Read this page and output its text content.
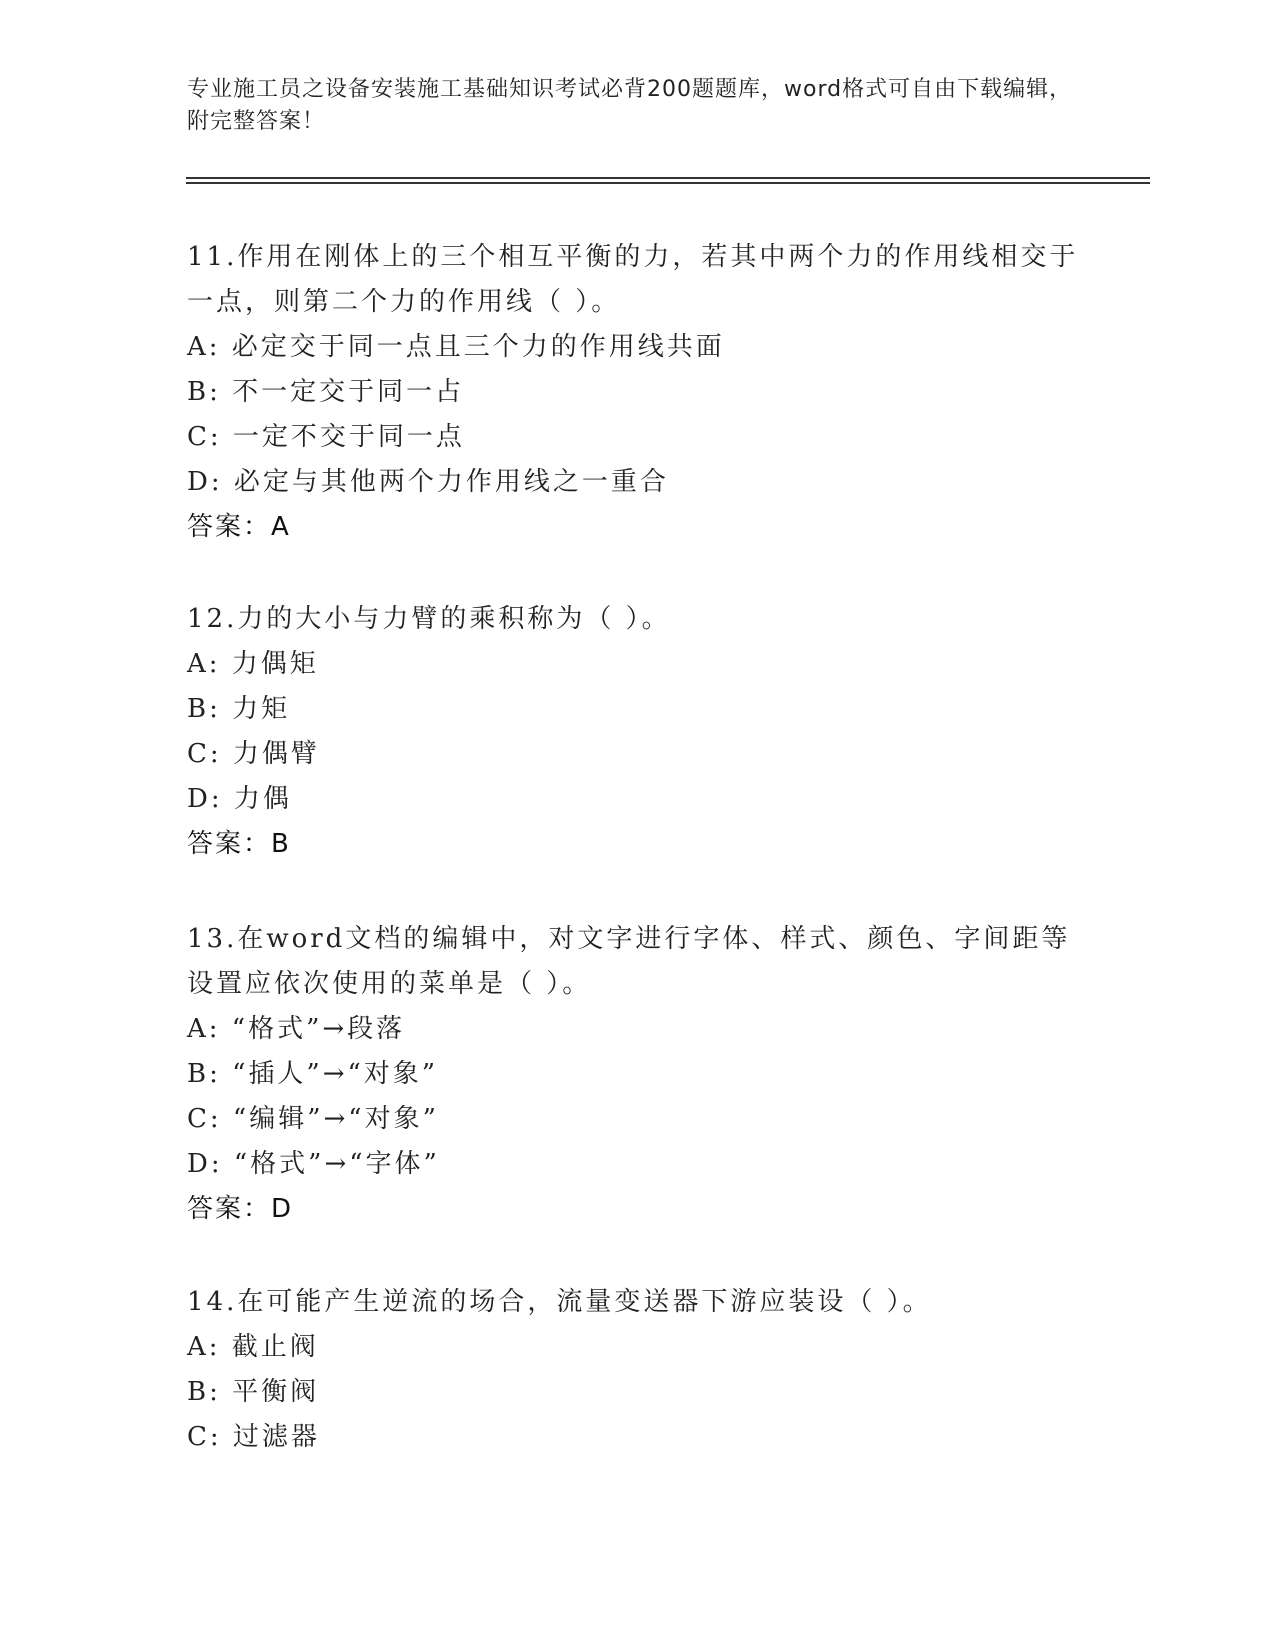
专业施工员之设备安装施工基础知识考试必背200题题库，word格式可自由下载编辑，附完整答案！

11.作用在刚体上的三个相互平衡的力，若其中两个力的作用线相交于一点，则第二个力的作用线（ ）。

A: 必定交于同一点且三个力的作用线共面

B: 不一定交于同一占

C: 一定不交于同一点

D: 必定与其他两个力作用线之一重合

答案：A

12.力的大小与力臂的乘积称为（ ）。

A: 力偶矩

B: 力矩

C: 力偶臂

D: 力偶

答案：B

13.在word文档的编辑中，对文字进行字体、样式、颜色、字间距等设置应依次使用的菜单是（ ）。

A: “格式”→段落

B: “插人”→“对象”

C: “编辑”→“对象”

D: “格式”→“字体”

答案：D

14.在可能产生逆流的场合，流量变送器下游应装设（ ）。

A: 截止阀

B: 平衡阀

C: 过滤器
